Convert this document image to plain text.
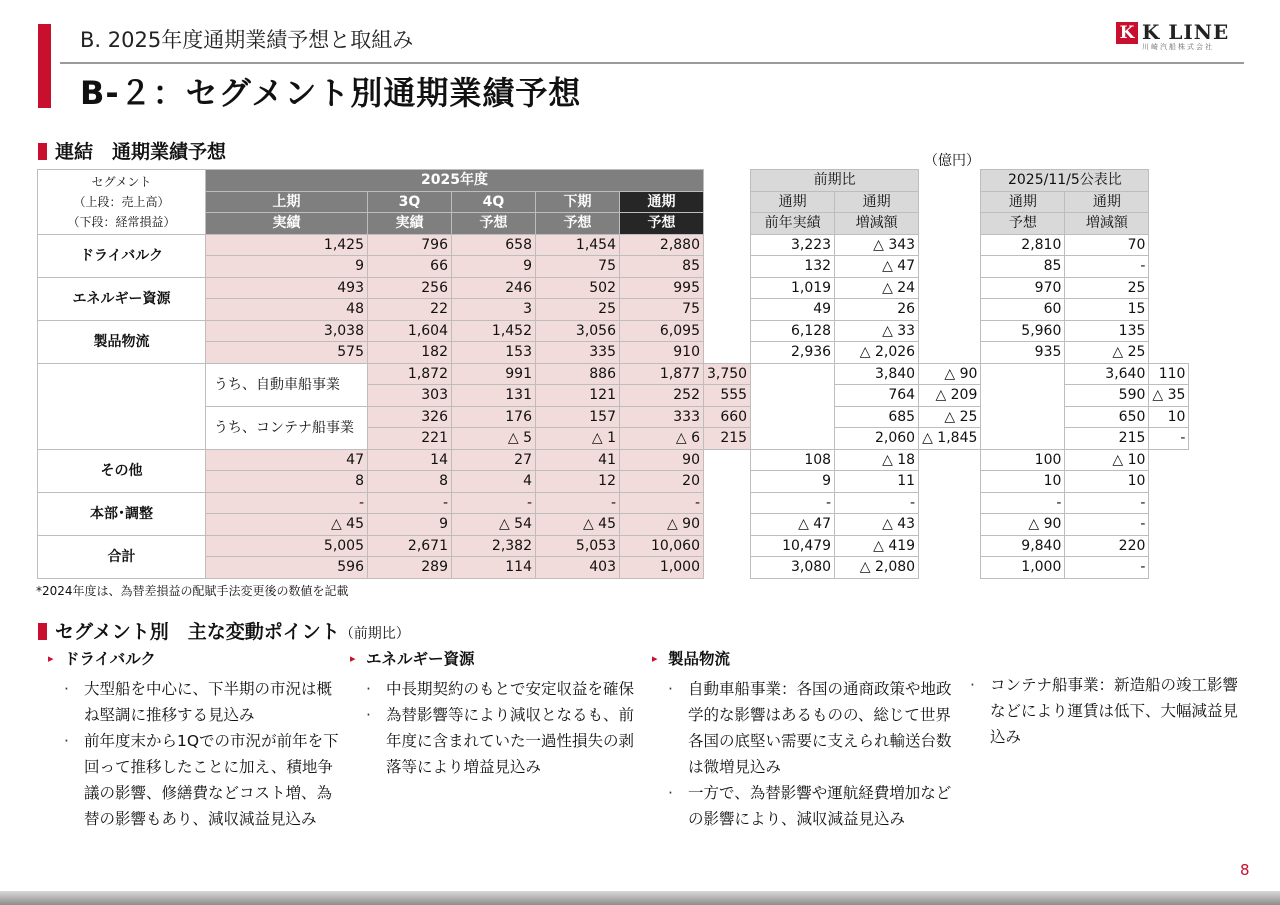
B. 2025年度通期業績予想と取組み
B-２：セグメント別通期業績予想
K K LINE
川崎汽船株式会社
連結　通期業績予想	（億円）
セグメント
（上段：売上高）
（下段：経常損益）	2025年度						前期比			2025/11/5公表比		
	上期	3Q	4Q	下期	通期		通期	通期		通期	通期	
	実績	実績	予想	予想	予想		前年実績	増減額		予想	増減額	
ドライバルク	1,425	796	658	1,454	2,880		3,223	△ 343		2,810	70	
	9	66	9	75	85		132	△ 47		85	-	
エネルギー資源	493	256	246	502	995		1,019	△ 24		970	25	
	48	22	3	25	75		49	26		60	15	
製品物流	3,038	1,604	1,452	3,056	6,095		6,128	△ 33		5,960	135	
	575	182	153	335	910		2,936	△ 2,026		935	△ 25	
	うち、自動車船事業	1,872	991	886	1,877	3,750		3,840	△ 90		3,640	110
		303	131	121	252	555		764	△ 209		590	△ 35
	うち、コンテナ船事業	326	176	157	333	660		685	△ 25		650	10
		221	△ 5	△ 1	△ 6	215		2,060	△ 1,845		215	-
その他	47	14	27	41	90		108	△ 18		100	△ 10	
	8	8	4	12	20		9	11		10	10	
本部･調整	-	-	-	-	-		-	-		-	-	
	△ 45	9	△ 54	△ 45	△ 90		△ 47	△ 43		△ 90	-	
合計	5,005	2,671	2,382	5,053	10,060		10,479	△ 419		9,840	220	
	596	289	114	403	1,000		3,080	△ 2,080		1,000	-	
*2024年度は、為替差損益の配賦手法変更後の数値を記載
セグメント別　主な変動ポイント（前期比）
▸ ドライバルク
· 大型船を中心に、下半期の市況は概ね堅調に推移する見込み
· 前年度末から1Qでの市況が前年を下回って推移したことに加え、積地争議の影響、修繕費などコスト増、為替の影響もあり、減収減益見込み
▸ エネルギー資源
· 中長期契約のもとで安定収益を確保
· 為替影響等により減収となるも、前年度に含まれていた一過性損失の剥落等により増益見込み
▸ 製品物流
· 自動車船事業：各国の通商政策や地政学的な影響はあるものの、総じて世界各国の底堅い需要に支えられ輸送台数は微増見込み
· 一方で、為替影響や運航経費増加などの影響により、減収減益見込み
· コンテナ船事業：新造船の竣工影響などにより運賃は低下、大幅減益見込み
8
